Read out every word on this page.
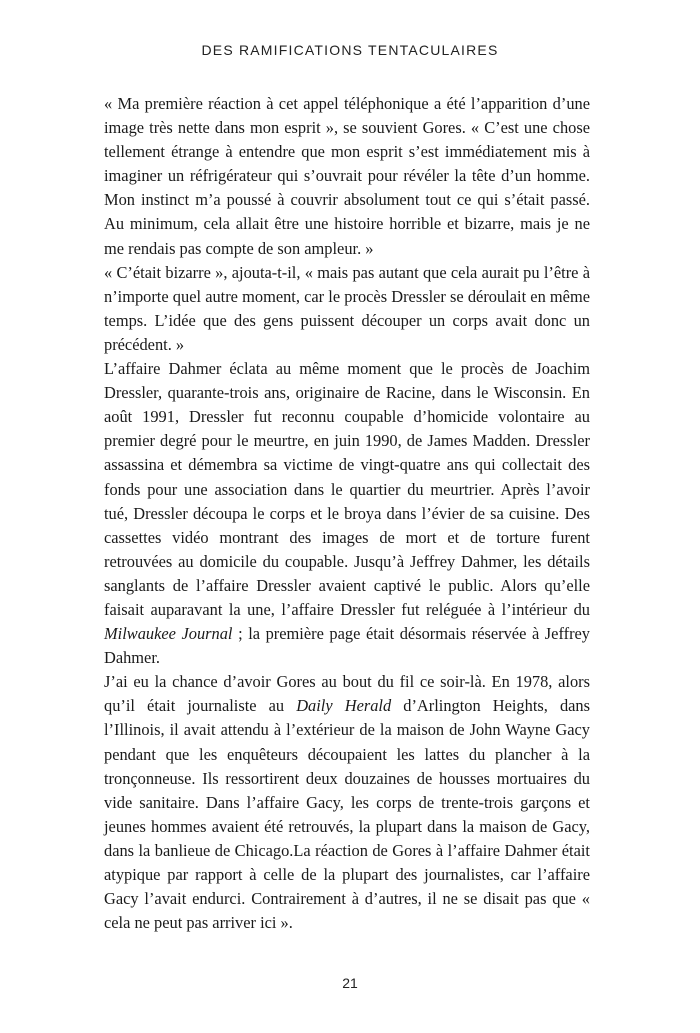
DES RAMIFICATIONS TENTACULAIRES

« Ma première réaction à cet appel téléphonique a été l’apparition d’une image très nette dans mon esprit », se souvient Gores. « C’est une chose tellement étrange à entendre que mon esprit s’est immédiatement mis à imaginer un réfrigérateur qui s’ouvrait pour révéler la tête d’un homme. Mon instinct m’a poussé à couvrir absolument tout ce qui s’était passé. Au minimum, cela allait être une histoire horrible et bizarre, mais je ne me rendais pas compte de son ampleur. »

« C’était bizarre », ajouta-t-il, « mais pas autant que cela aurait pu l’être à n’importe quel autre moment, car le procès Dressler se déroulait en même temps. L’idée que des gens puissent découper un corps avait donc un précédent. »

L’affaire Dahmer éclata au même moment que le procès de Joachim Dressler, quarante-trois ans, originaire de Racine, dans le Wisconsin. En août 1991, Dressler fut reconnu coupable d’homicide volontaire au premier degré pour le meurtre, en juin 1990, de James Madden. Dressler assassina et démembra sa victime de vingt-quatre ans qui collectait des fonds pour une association dans le quartier du meurtrier. Après l’avoir tué, Dressler découpa le corps et le broya dans l’évier de sa cuisine. Des cassettes vidéo montrant des images de mort et de torture furent retrouvées au domicile du coupable. Jusqu’à Jeffrey Dahmer, les détails sanglants de l’affaire Dressler avaient captivé le public. Alors qu’elle faisait auparavant la une, l’affaire Dressler fut reléguée à l’intérieur du Milwaukee Journal ; la première page était désormais réservée à Jeffrey Dahmer.

J’ai eu la chance d’avoir Gores au bout du fil ce soir-là. En 1978, alors qu’il était journaliste au Daily Herald d’Arlington Heights, dans l’Illinois, il avait attendu à l’extérieur de la maison de John Wayne Gacy pendant que les enquêteurs découpaient les lattes du plancher à la tronçonneuse. Ils ressortirent deux douzaines de housses mortuaires du vide sanitaire. Dans l’affaire Gacy, les corps de trente-trois garçons et jeunes hommes avaient été retrouvés, la plupart dans la maison de Gacy, dans la banlieue de Chicago.La réaction de Gores à l’affaire Dahmer était atypique par rapport à celle de la plupart des journalistes, car l’affaire Gacy l’avait endurci. Contrairement à d’autres, il ne se disait pas que « cela ne peut pas arriver ici ».

21
